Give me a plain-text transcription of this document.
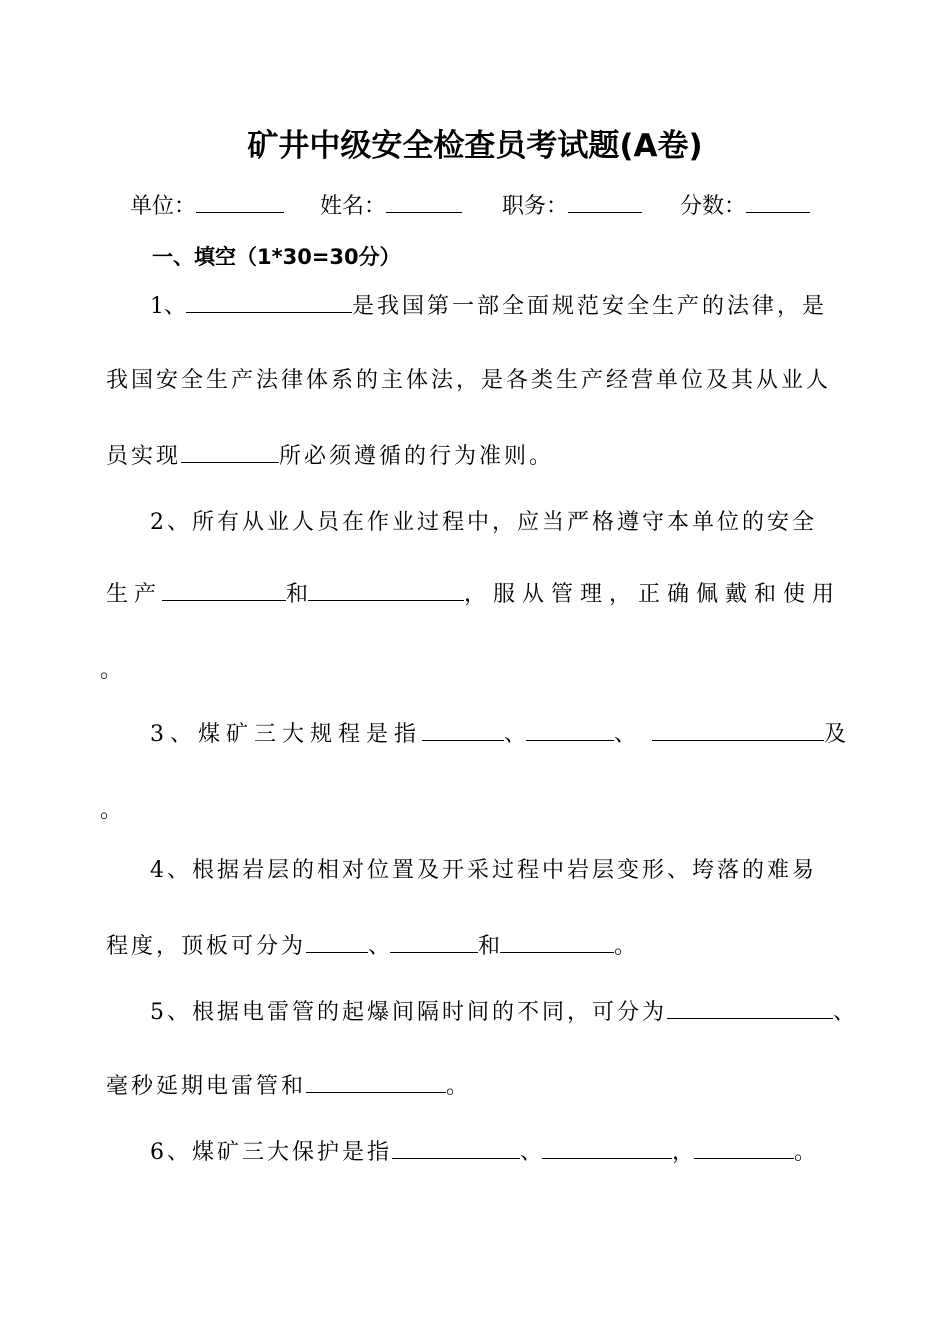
矿井中级安全检查员考试题(A卷)
单位：	姓名：	职务：	分数：
一、填空（1*30=30分）
1、	是我国第一部全面规范安全生产的法律，是
我国安全生产法律体系的主体法，是各类生产经营单位及其从业人
员实现	所必须遵循的行为准则。
2、所有从业人员在作业过程中，应当严格遵守本单位的安全
生产	和	，服从管理，正确佩戴和使用
。
3、煤矿三大规程是指	、	、	及
。
4、根据岩层的相对位置及开采过程中岩层变形、垮落的难易
程度，顶板可分为	、	和	。
5、根据电雷管的起爆间隔时间的不同，可分为	、
毫秒延期电雷管和	。
6、煤矿三大保护是指	、	，	。
